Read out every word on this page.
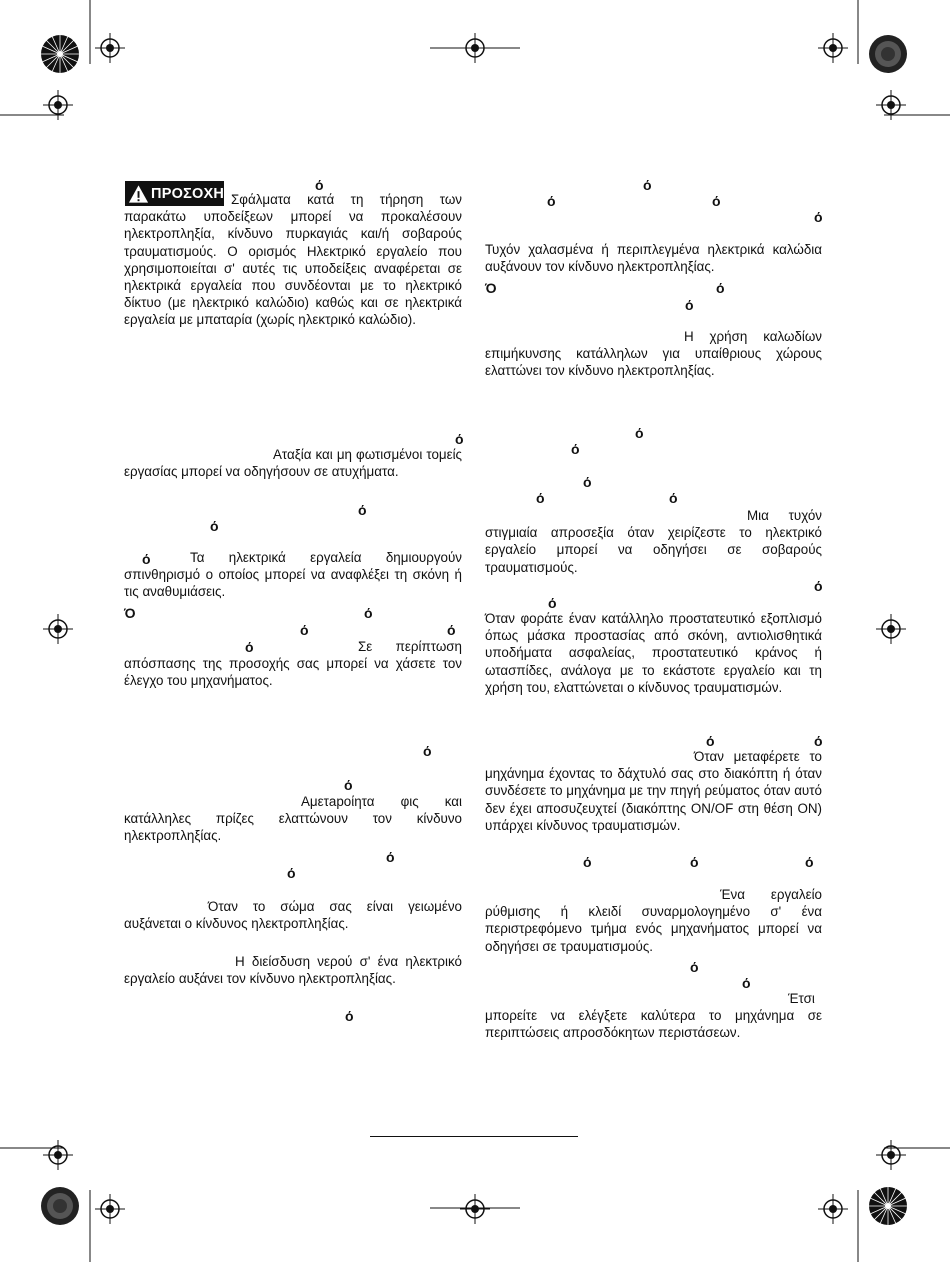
ΠΡΟΣΟΧΗ
ό

Σφάλματα κατά τη τήρηση των παρακάτω υποδείξεων μπορεί να προκαλέσουν ηλεκτροπληξία, κίνδυνο πυρκαγιάς και/ή σοβαρούς τραυματισμούς. Ο ορισμός Ηλεκτρικό εργαλείο που χρησιμοποιείται σ' αυτές τις υποδείξεις αναφέρεται σε ηλεκτρικά εργαλεία που συνδέονται με το ηλεκτρικό δίκτυο (με ηλεκτρικό καλώδιο) καθώς και σε ηλεκτρικά εργαλεία με μπαταρία (χωρίς ηλεκτρικό καλώδιο).

ό

Αταξία και μη φωτισμένοι τομείς εργασίας μπορεί να οδηγήσουν σε ατυχήματα.

ό
ό
ό	Τα ηλεκτρικά εργαλεία δημιουργούν σπινθηρισμό ο οποίος μπορεί να αναφλέξει τη σκόνη ή τις αναθυμιάσεις.

Ό	ό
ό	ό
ό	Σε περίπτωση απόσπασης της προσοχής σας μπορεί να χάσετε τον έλεγχο του μηχανήματος.

ό
ό

Αμετapoίητα φις και κατάλληλες πρίζες ελαττώνουν τον κίνδυνο ηλεκτροπληξίας.

ό
ό

Όταν το σώμα σας είναι γειωμένο αυξάνεται ο κίνδυνος ηλεκτροπληξίας.

Η διείσδυση νερού σ' ένα ηλεκτρικό εργαλείο αυξάνει τον κίνδυνο ηλεκτροπληξίας.

ό
ό
ό	ό
ό

Τυχόν χαλασμένα ή περιπλεγμένα ηλεκτρικά καλώδια αυξάνουν τον κίνδυνο ηλεκτροπληξίας.

Ό	ό
ό

Η χρήση καλωδίων επιμήκυνσης κατάλληλων για υπαίθριους χώρους ελαττώνει τον κίνδυνο ηλεκτροπληξίας.

ό
ό
ό
ό	ό

Μια τυχόν στιγμιαία απροσεξία όταν χειρίζεστε το ηλεκτρικό εργαλείο μπορεί να οδηγήσει σε σοβαρούς τραυματισμούς.

ό
ό

Όταν φοράτε έναν κατάλληλο προστατευτικό εξοπλισμό όπως μάσκα προστασίας από σκόνη, αντιολισθητικά υποδήματα ασφαλείας, προστατευτικό κράνος ή ωτασπίδες, ανάλογα με το εκάστοτε εργαλείο και τη χρήση του, ελαττώνεται ο κίνδυνος τραυματισμών.

ό	ό

Όταν μεταφέρετε το μηχάνημα έχοντας το δάχτυλό σας στο διακόπτη ή όταν συνδέσετε το μηχάνημα με την πηγή ρεύματος όταν αυτό δεν έχει αποσυζευχτεί (διακόπτης ON/OF στη θέση ON) υπάρχει κίνδυνος τραυματισμών.

ό	ό	ό

Ένα εργαλείο ρύθμισης ή κλειδί συναρμολογημένο σ' ένα περιστρεφόμενο τμήμα ενός μηχανήματος μπορεί να οδηγήσει σε τραυματισμούς.

ό
ό

Έτσι μπορείτε να ελέγξετε καλύτερα το μηχάνημα σε περιπτώσεις απροσδόκητων περιστάσεων.
